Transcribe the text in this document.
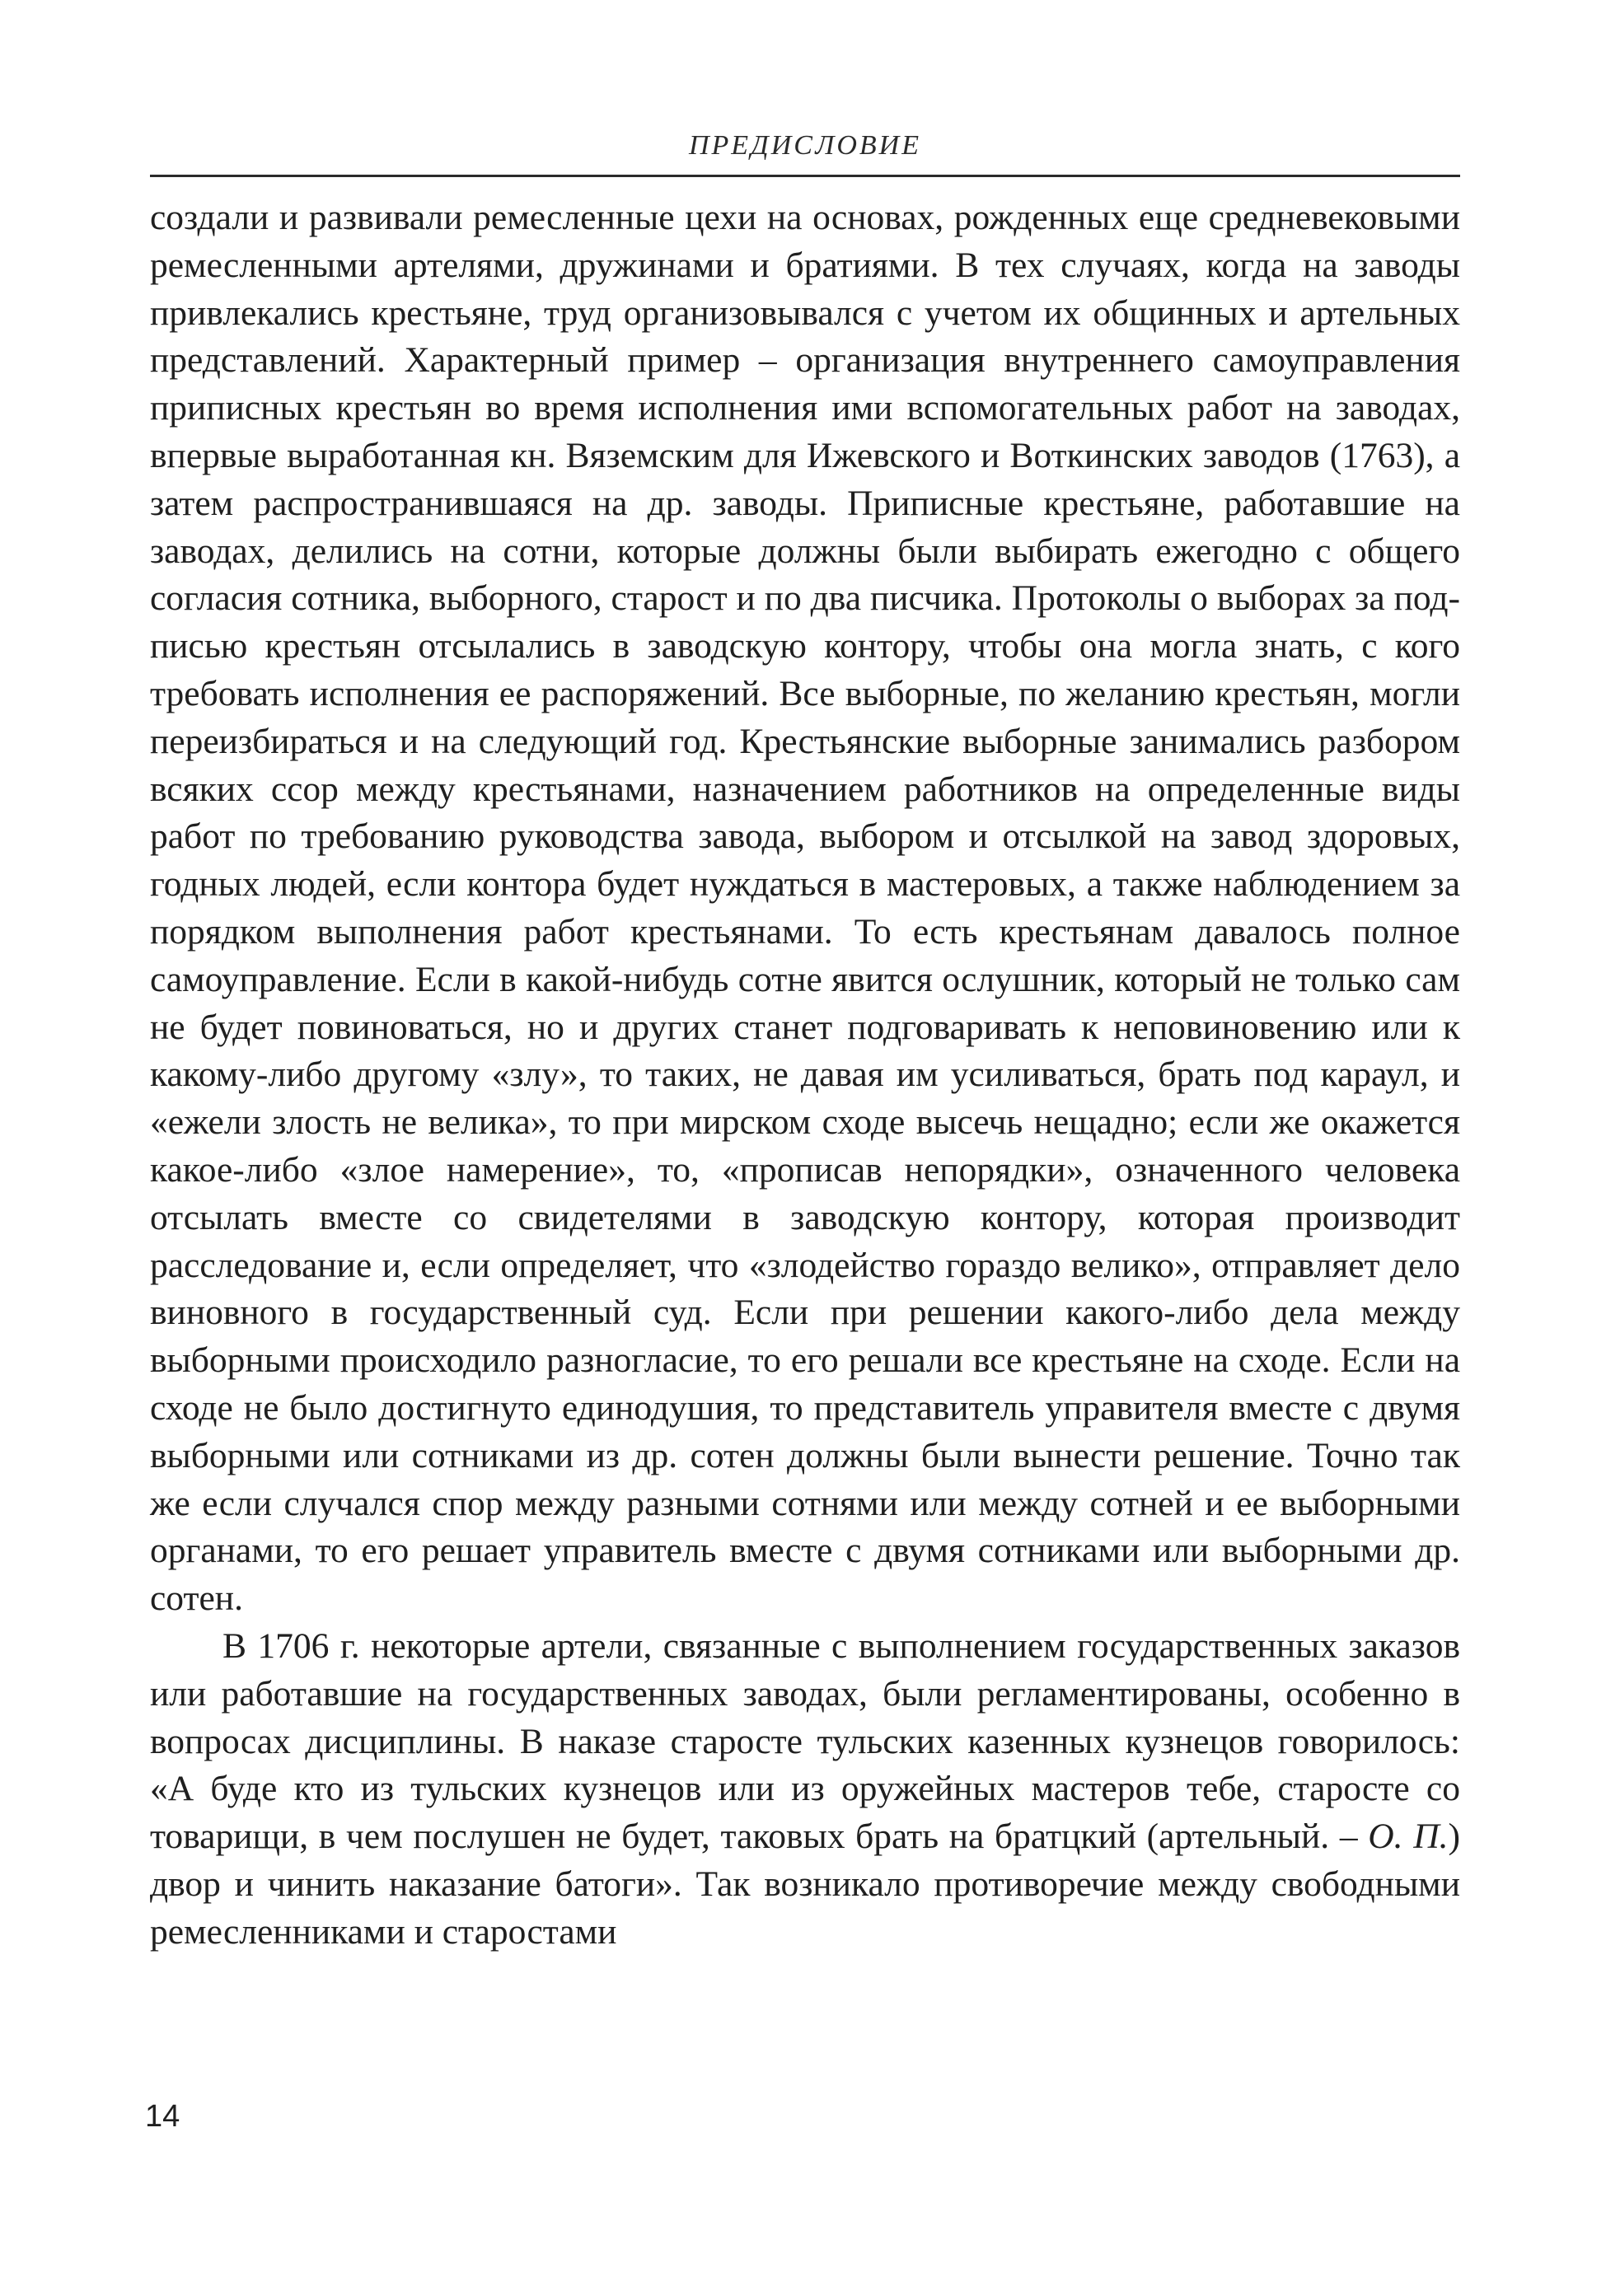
ПРЕДИСЛОВИЕ

создали и развивали ремесленные цехи на основах, рожденных еще средневековыми ремесленными артелями, дружинами и братиями. В тех случаях, когда на заводы привлекались крестьяне, труд организовывался с учетом их общинных и артельных представлений. Характерный пример – организация внутреннего самоуправления приписных крестьян во время исполнения ими вспомогательных работ на заводах, впервые выработанная кн. Вяземским для Ижевского и Воткинских заводов (1763), а затем распространившаяся на др. заводы. Приписные крестьяне, работавшие на заводах, делились на сотни, которые должны были выбирать ежегодно с общего согласия сотника, выборного, старост и по два писчика. Протоколы о выборах за подписью крестьян отсылались в заводскую контору, чтобы она могла знать, с кого требовать исполнения ее распоряжений. Все выборные, по желанию крестьян, могли переизбираться и на следующий год. Крестьянские выборные занимались разбором всяких ссор между крестьянами, назначением работников на определенные виды работ по требованию руководства завода, выбором и отсылкой на завод здоровых, годных людей, если контора будет нуждаться в мастеровых, а также наблюдением за порядком выполнения работ крестьянами. То есть крестьянам давалось полное самоуправление. Если в какой-нибудь сотне явится ослушник, который не только сам не будет повиноваться, но и других станет подговаривать к неповиновению или к какому-либо другому «злу», то таких, не давая им усиливаться, брать под караул, и «ежели злость не велика», то при мирском сходе высечь нещадно; если же окажется какое-либо «злое намерение», то, «прописав непорядки», означенного человека отсылать вместе со свидетелями в заводскую контору, которая производит расследование и, если определяет, что «злодейство гораздо велико», отправляет дело виновного в государственный суд. Если при решении какого-либо дела между выборными происходило разногласие, то его решали все крестьяне на сходе. Если на сходе не было достигнуто единодушия, то представитель управителя вместе с двумя выборными или сотниками из др. сотен должны были вынести решение. Точно так же если случался спор между разными сотнями или между сотней и ее выборными органами, то его решает управитель вместе с двумя сотниками или выборными др. сотен.

В 1706 г. некоторые артели, связанные с выполнением государственных заказов или работавшие на государственных заводах, были регламентированы, особенно в вопросах дисциплины. В наказе старосте тульских казенных кузнецов говорилось: «А буде кто из тульских кузнецов или из оружейных мастеров тебе, старосте со товарищи, в чем послушен не будет, таковых брать на братцкий (артельный. – О. П.) двор и чинить наказание батоги». Так возникало противоречие между свободными ремесленниками и старостами

14
